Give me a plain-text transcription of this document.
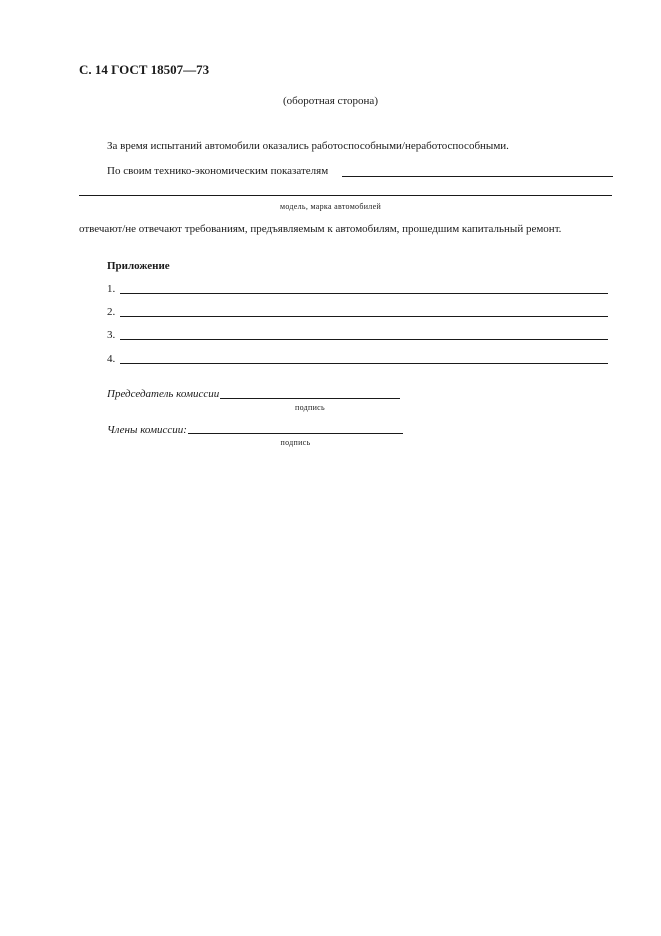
С. 14 ГОСТ 18507—73
(оборотная сторона)
За время испытаний автомобили оказались работоспособными/неработоспособными.
По своим технико-экономическим показателям
модель, марка автомобилей
отвечают/не отвечают требованиям, предъявляемым к автомобилям, прошедшим капитальный ремонт.
Приложение
1.
2.
3.
4.
Председатель комиссии
подпись
Члены комиссии:
подпись
